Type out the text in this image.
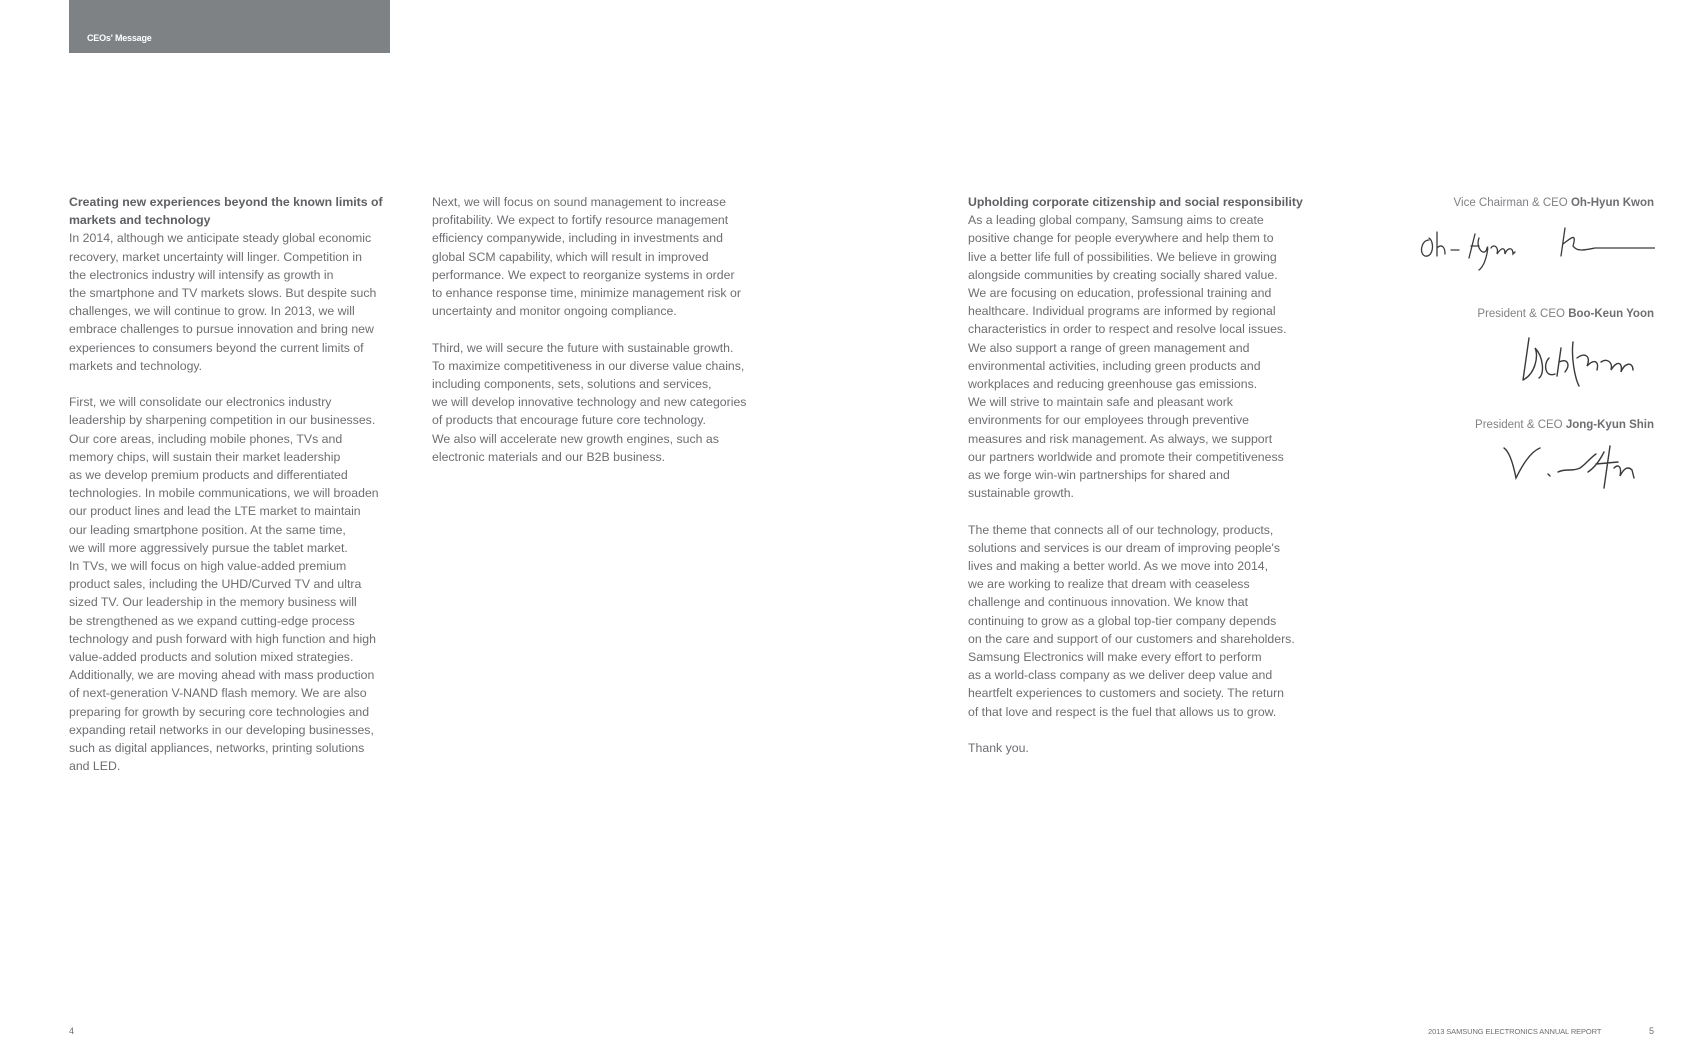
CEOs' Message
Creating new experiences beyond the known limits of
markets and technology
In 2014, although we anticipate steady global economic
recovery, market uncertainty will linger. Competition in
the electronics industry will intensify as growth in
the smartphone and TV markets slows. But despite such
challenges, we will continue to grow. In 2013, we will
embrace challenges to pursue innovation and bring new
experiences to consumers beyond the current limits of
markets and technology.
First, we will consolidate our electronics industry
leadership by sharpening competition in our businesses.
Our core areas, including mobile phones, TVs and
memory chips, will sustain their market leadership
as we develop premium products and differentiated
technologies. In mobile communications, we will broaden
our product lines and lead the LTE market to maintain
our leading smartphone position. At the same time,
we will more aggressively pursue the tablet market.
In TVs, we will focus on high value-added premium
product sales, including the UHD/Curved TV and ultra
sized TV. Our leadership in the memory business will
be strengthened as we expand cutting-edge process
technology and push forward with high function and high
value-added products and solution mixed strategies.
Additionally, we are moving ahead with mass production
of next-generation V-NAND flash memory. We are also
preparing for growth by securing core technologies and
expanding retail networks in our developing businesses,
such as digital appliances, networks, printing solutions
and LED.
Next, we will focus on sound management to increase
profitability. We expect to fortify resource management
efficiency companywide, including in investments and
global SCM capability, which will result in improved
performance. We expect to reorganize systems in order
to enhance response time, minimize management risk or
uncertainty and monitor ongoing compliance.
Third, we will secure the future with sustainable growth.
To maximize competitiveness in our diverse value chains,
including components, sets, solutions and services,
we will develop innovative technology and new categories
of products that encourage future core technology.
We also will accelerate new growth engines, such as
electronic materials and our B2B business.
Upholding corporate citizenship and social responsibility
As a leading global company, Samsung aims to create
positive change for people everywhere and help them to
live a better life full of possibilities. We believe in growing
alongside communities by creating socially shared value.
We are focusing on education, professional training and
healthcare. Individual programs are informed by regional
characteristics in order to respect and resolve local issues.
We also support a range of green management and
environmental activities, including green products and
workplaces and reducing greenhouse gas emissions.
We will strive to maintain safe and pleasant work
environments for our employees through preventive
measures and risk management. As always, we support
our partners worldwide and promote their competitiveness
as we forge win-win partnerships for shared and
sustainable growth.
The theme that connects all of our technology, products,
solutions and services is our dream of improving people's
lives and making a better world. As we move into 2014,
we are working to realize that dream with ceaseless
challenge and continuous innovation. We know that
continuing to grow as a global top-tier company depends
on the care and support of our customers and shareholders.
Samsung Electronics will make every effort to perform
as a world-class company as we deliver deep value and
heartfelt experiences to customers and society. The return
of that love and respect is the fuel that allows us to grow.
Thank you.
Vice Chairman & CEO Oh-Hyun Kwon
President & CEO Boo-Keun Yoon
President & CEO Jong-Kyun Shin
4	2013 SAMSUNG ELECTRONICS ANNUAL REPORT	5
